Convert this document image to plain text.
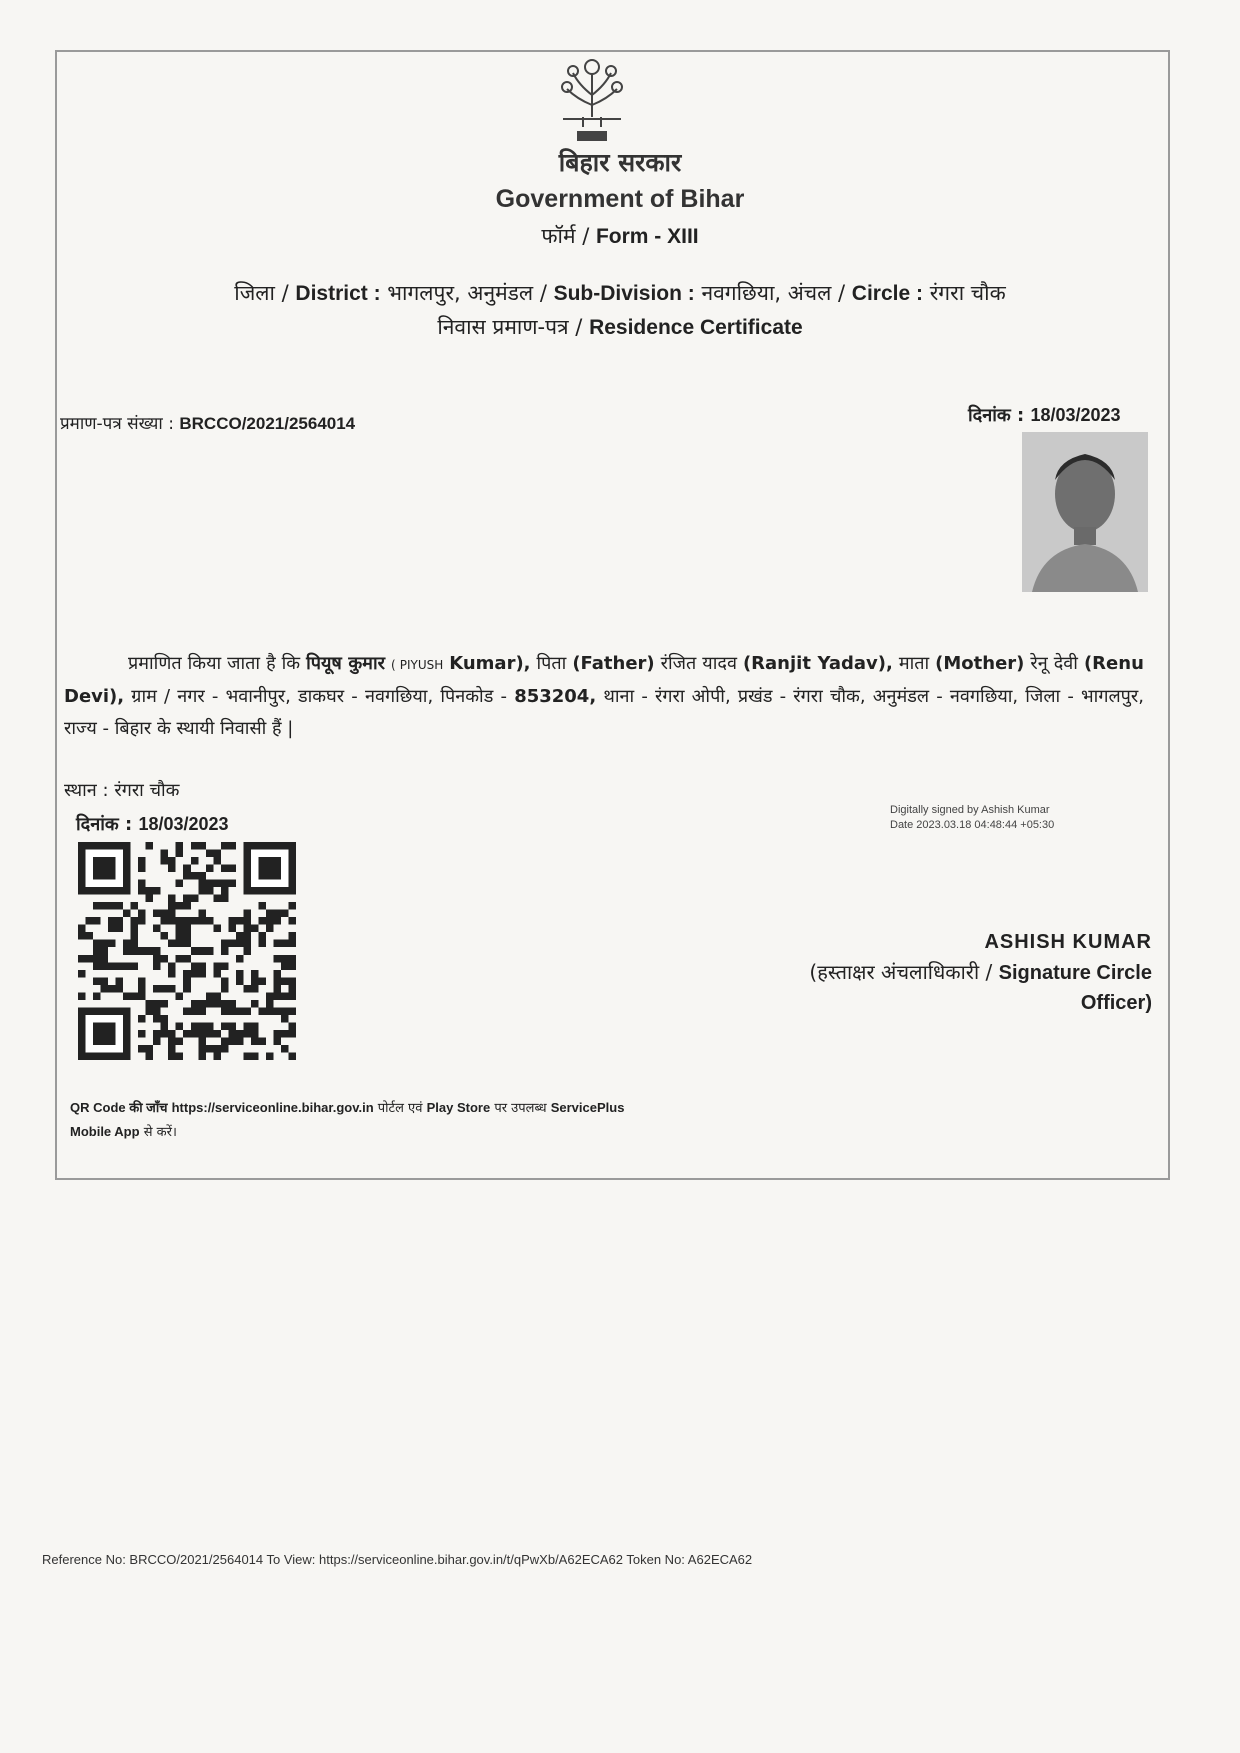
बिहार सरकार
Government of Bihar
फॉर्म / Form - XIII
जिला / District : भागलपुर, अनुमंडल / Sub-Division : नवगछिया, अंचल / Circle : रंगरा चौक
निवास प्रमाण-पत्र / Residence Certificate
प्रमाण-पत्र संख्या : BRCCO/2021/2564014	दिनांक : 18/03/2023
प्रमाणित किया जाता है कि पियूष कुमार ( PIYUSH Kumar), पिता (Father) रंजित यादव (Ranjit Yadav), माता (Mother) रेनू देवी (Renu Devi), ग्राम / नगर - भवानीपुर, डाकघर - नवगछिया, पिनकोड - 853204, थाना - रंगरा ओपी, प्रखंड - रंगरा चौक, अनुमंडल - नवगछिया, जिला - भागलपुर, राज्य - बिहार के स्थायी निवासी हैं |
स्थान : रंगरा चौक
दिनांक : 18/03/2023
Digitally signed by Ashish Kumar
Date 2023.03.18 04:48:44 +05:30
ASHISH KUMAR
(हस्ताक्षर अंचलाधिकारी / Signature Circle
Officer)
QR Code की जाँच https://serviceonline.bihar.gov.in पोर्टल एवं Play Store पर उपलब्ध ServicePlus
Mobile App से करें।
Reference No: BRCCO/2021/2564014 To View: https://serviceonline.bihar.gov.in/t/qPwXb/A62ECA62 Token No: A62ECA62
